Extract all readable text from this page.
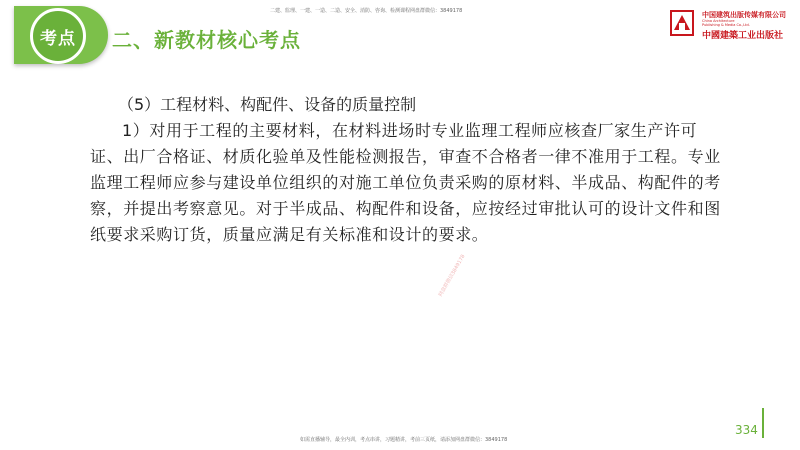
考点	二、新教材核心考点
二建、监理、一建、一造、二造、安全、消防、咨询、检测课程网盘群微信：3849178	中国建筑出版传媒有限公司
China Architecture
Publishing & Media Co.,Ltd.
中國建築工业出版社
（5）工程材料、构配件、设备的质量控制

1）对用于工程的主要材料，在材料进场时专业监理工程师应核查厂家生产许可证、出厂合格证、材质化验单及性能检测报告，审查不合格者一律不准用于工程。专业监理工程师应参与建设单位组织的对施工单位负责采购的原材料、半成品、构配件的考察，并提出考察意见。对于半成品、构配件和设备，应按经过审批认可的设计文件和图纸要求采购订货，质量应满足有关标准和设计的要求。

网盘群微信3849178
334
如需直播辅导，最全内训，考点串讲，习题精讲，考前三页纸，请添加网盘群微信：3849178
